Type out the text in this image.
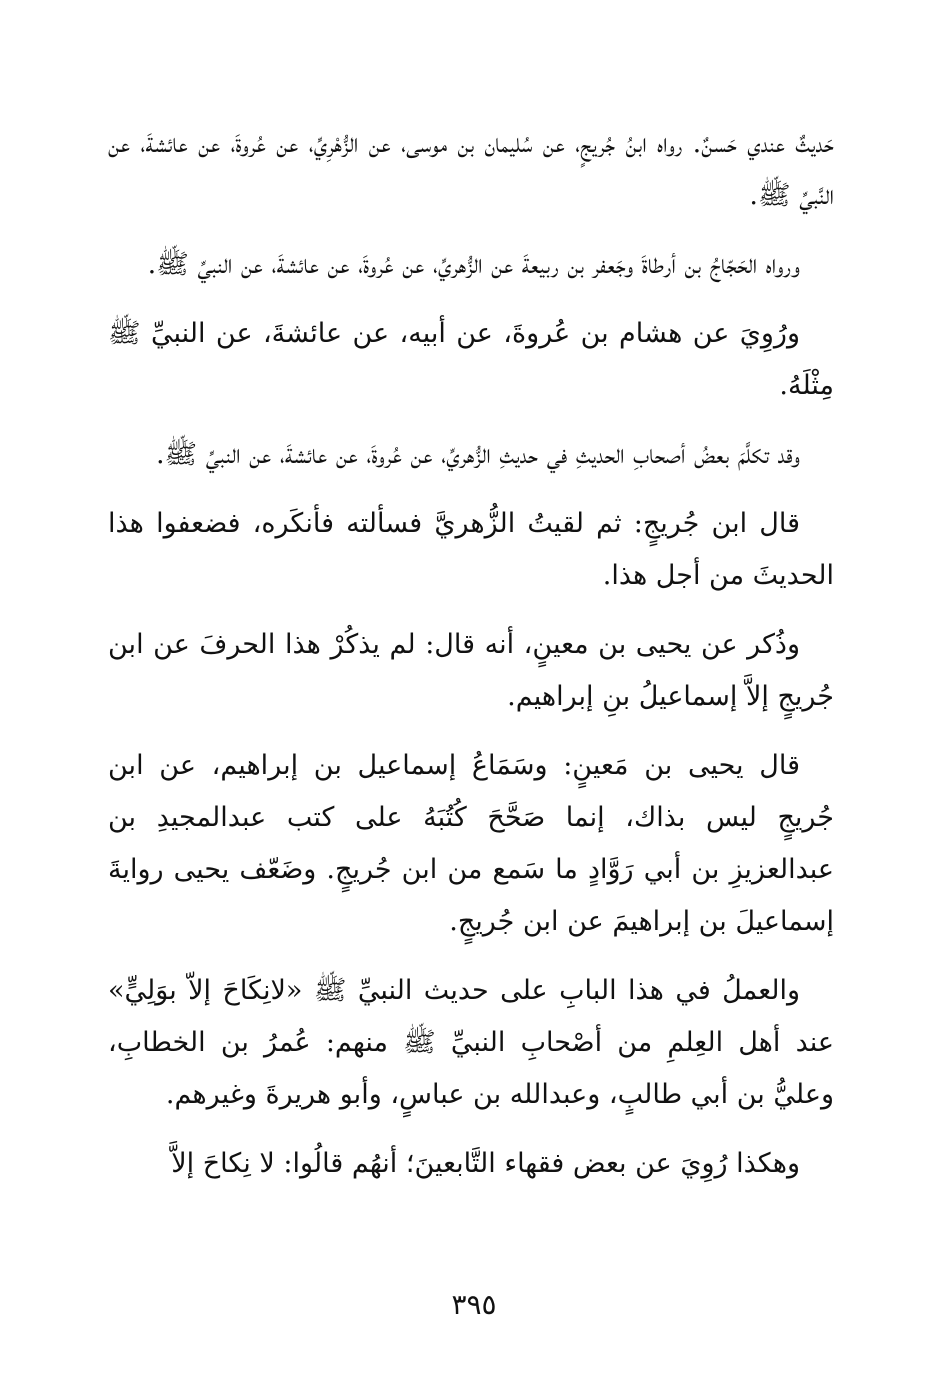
حَديثٌ عندي حَسنٌ. رواه ابنُ جُريجٍ، عن سُليمان بن موسى، عن الزُّهْرِيِّ، عن عُروةَ، عن عائشةَ، عن النَّبيِّ ﷺ.

ورواه الحَجّاجُ بن أرطاةَ وجَعفر بن ربيعةَ عن الزُّهريِّ، عن عُروةَ، عن عائشةَ، عن النبيِّ ﷺ.

ورُوِيَ عن هشام بن عُروةَ، عن أبيه، عن عائشةَ، عن النبيِّ ﷺ مِثْلَهُ.

وقد تكلَّمَ بعضُ أصحابِ الحديثِ في حديثِ الزُّهريِّ، عن عُروةَ، عن عائشةَ، عن النبيِّ ﷺ.

قال ابن جُريجٍ: ثم لقيتُ الزُّهريَّ فسألته فأنكَره، فضعفوا هذا الحديثَ من أجل هذا.

وذُكر عن يحيى بن معينٍ، أنه قال: لم يذكُرْ هذا الحرفَ عن ابن جُريجٍ إلاَّ إسماعيلُ بنِ إبراهيم.

قال يحيى بن مَعينٍ: وسَمَاعُ إسماعيل بن إبراهيم، عن ابن جُريجٍ ليس بذاك، إنما صَحَّحَ كُتُبَهُ على كتب عبدالمجيدِ بن عبدالعزيزِ بن أبي رَوَّادٍ ما سَمع من ابن جُريجٍ. وضَعّف يحيى روايةَ إسماعيلَ بن إبراهيمَ عن ابن جُريجٍ.

والعملُ في هذا البابِ على حديث النبيِّ ﷺ «لانِكَاحَ إلاّ بوَلِيٍّ» عند أهل العِلمِ من أصْحابِ النبيِّ ﷺ منهم: عُمرُ بن الخطابِ، وعليُّ بن أبي طالبٍ، وعبدالله بن عباسٍ، وأبو هريرةَ وغيرهم.

وهكذا رُوِيَ عن بعض فقهاء التَّابعينَ؛ أنهُم قالُوا: لا نِكاحَ إلاَّ

٣٩٥
